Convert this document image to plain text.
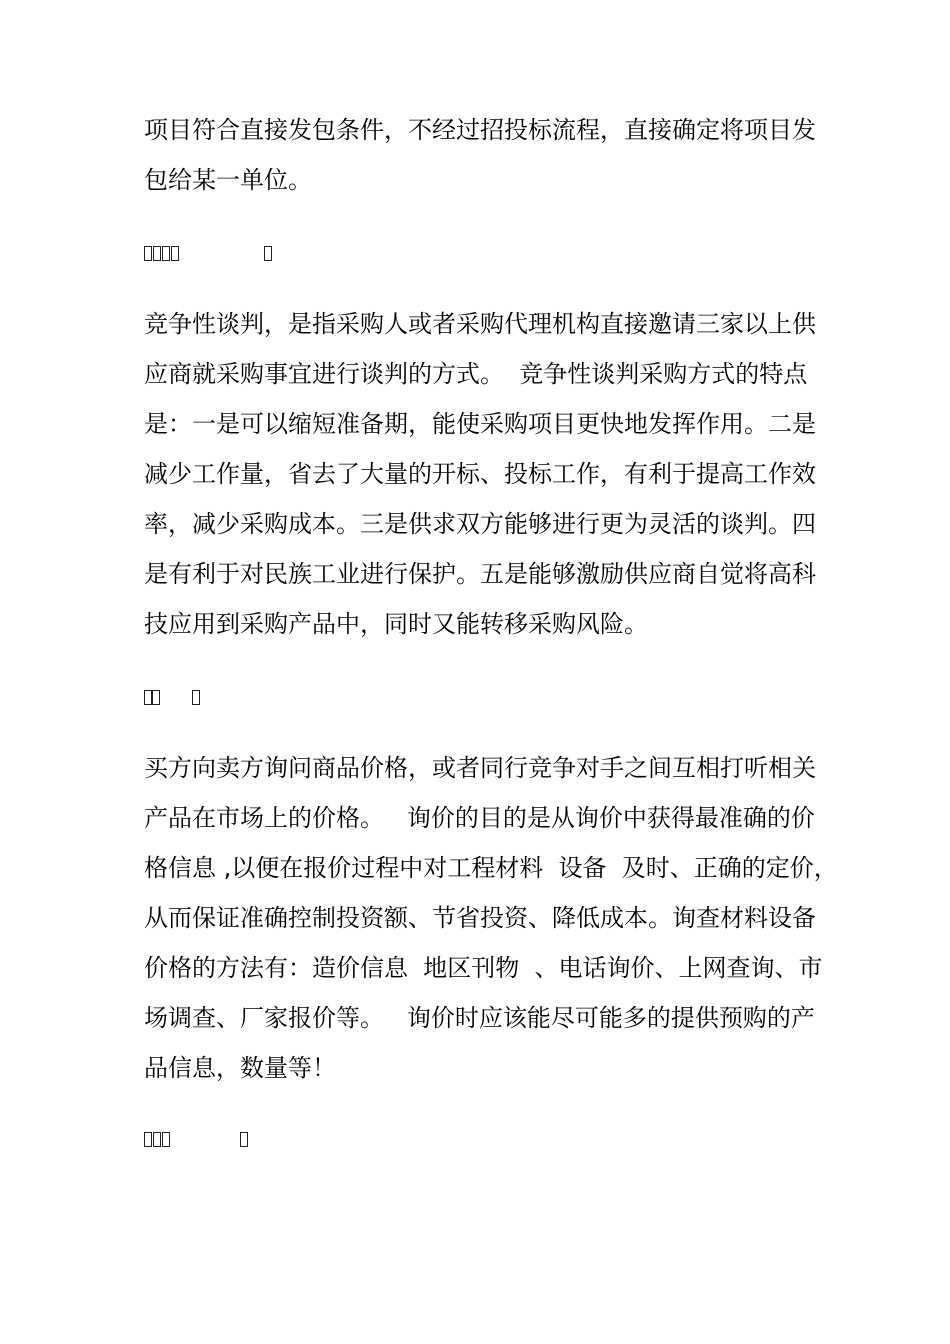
项目符合直接发包条件，不经过招投标流程，直接确定将项目发
包给某一单位。
竞争性谈判，是指采购人或者采购代理机构直接邀请三家以上供
应商就采购事宜进行谈判的方式。  竞争性谈判采购方式的特点
是：一是可以缩短准备期，能使采购项目更快地发挥作用。二是
减少工作量，省去了大量的开标、投标工作，有利于提高工作效
率，减少采购成本。三是供求双方能够进行更为灵活的谈判。四
是有利于对民族工业进行保护。五是能够激励供应商自觉将高科
技应用到采购产品中，同时又能转移采购风险。
买方向卖方询问商品价格，或者同行竞争对手之间互相打听相关
产品在市场上的价格。   询价的目的是从询价中获得最准确的价
格信息 ,以便在报价过程中对工程材料  设备  及时、正确的定价，
从而保证准确控制投资额、节省投资、降低成本。询查材料设备
价格的方法有：造价信息  地区刊物  、电话询价、上网查询、市
场调查、厂家报价等。   询价时应该能尽可能多的提供预购的产
品信息，数量等！
